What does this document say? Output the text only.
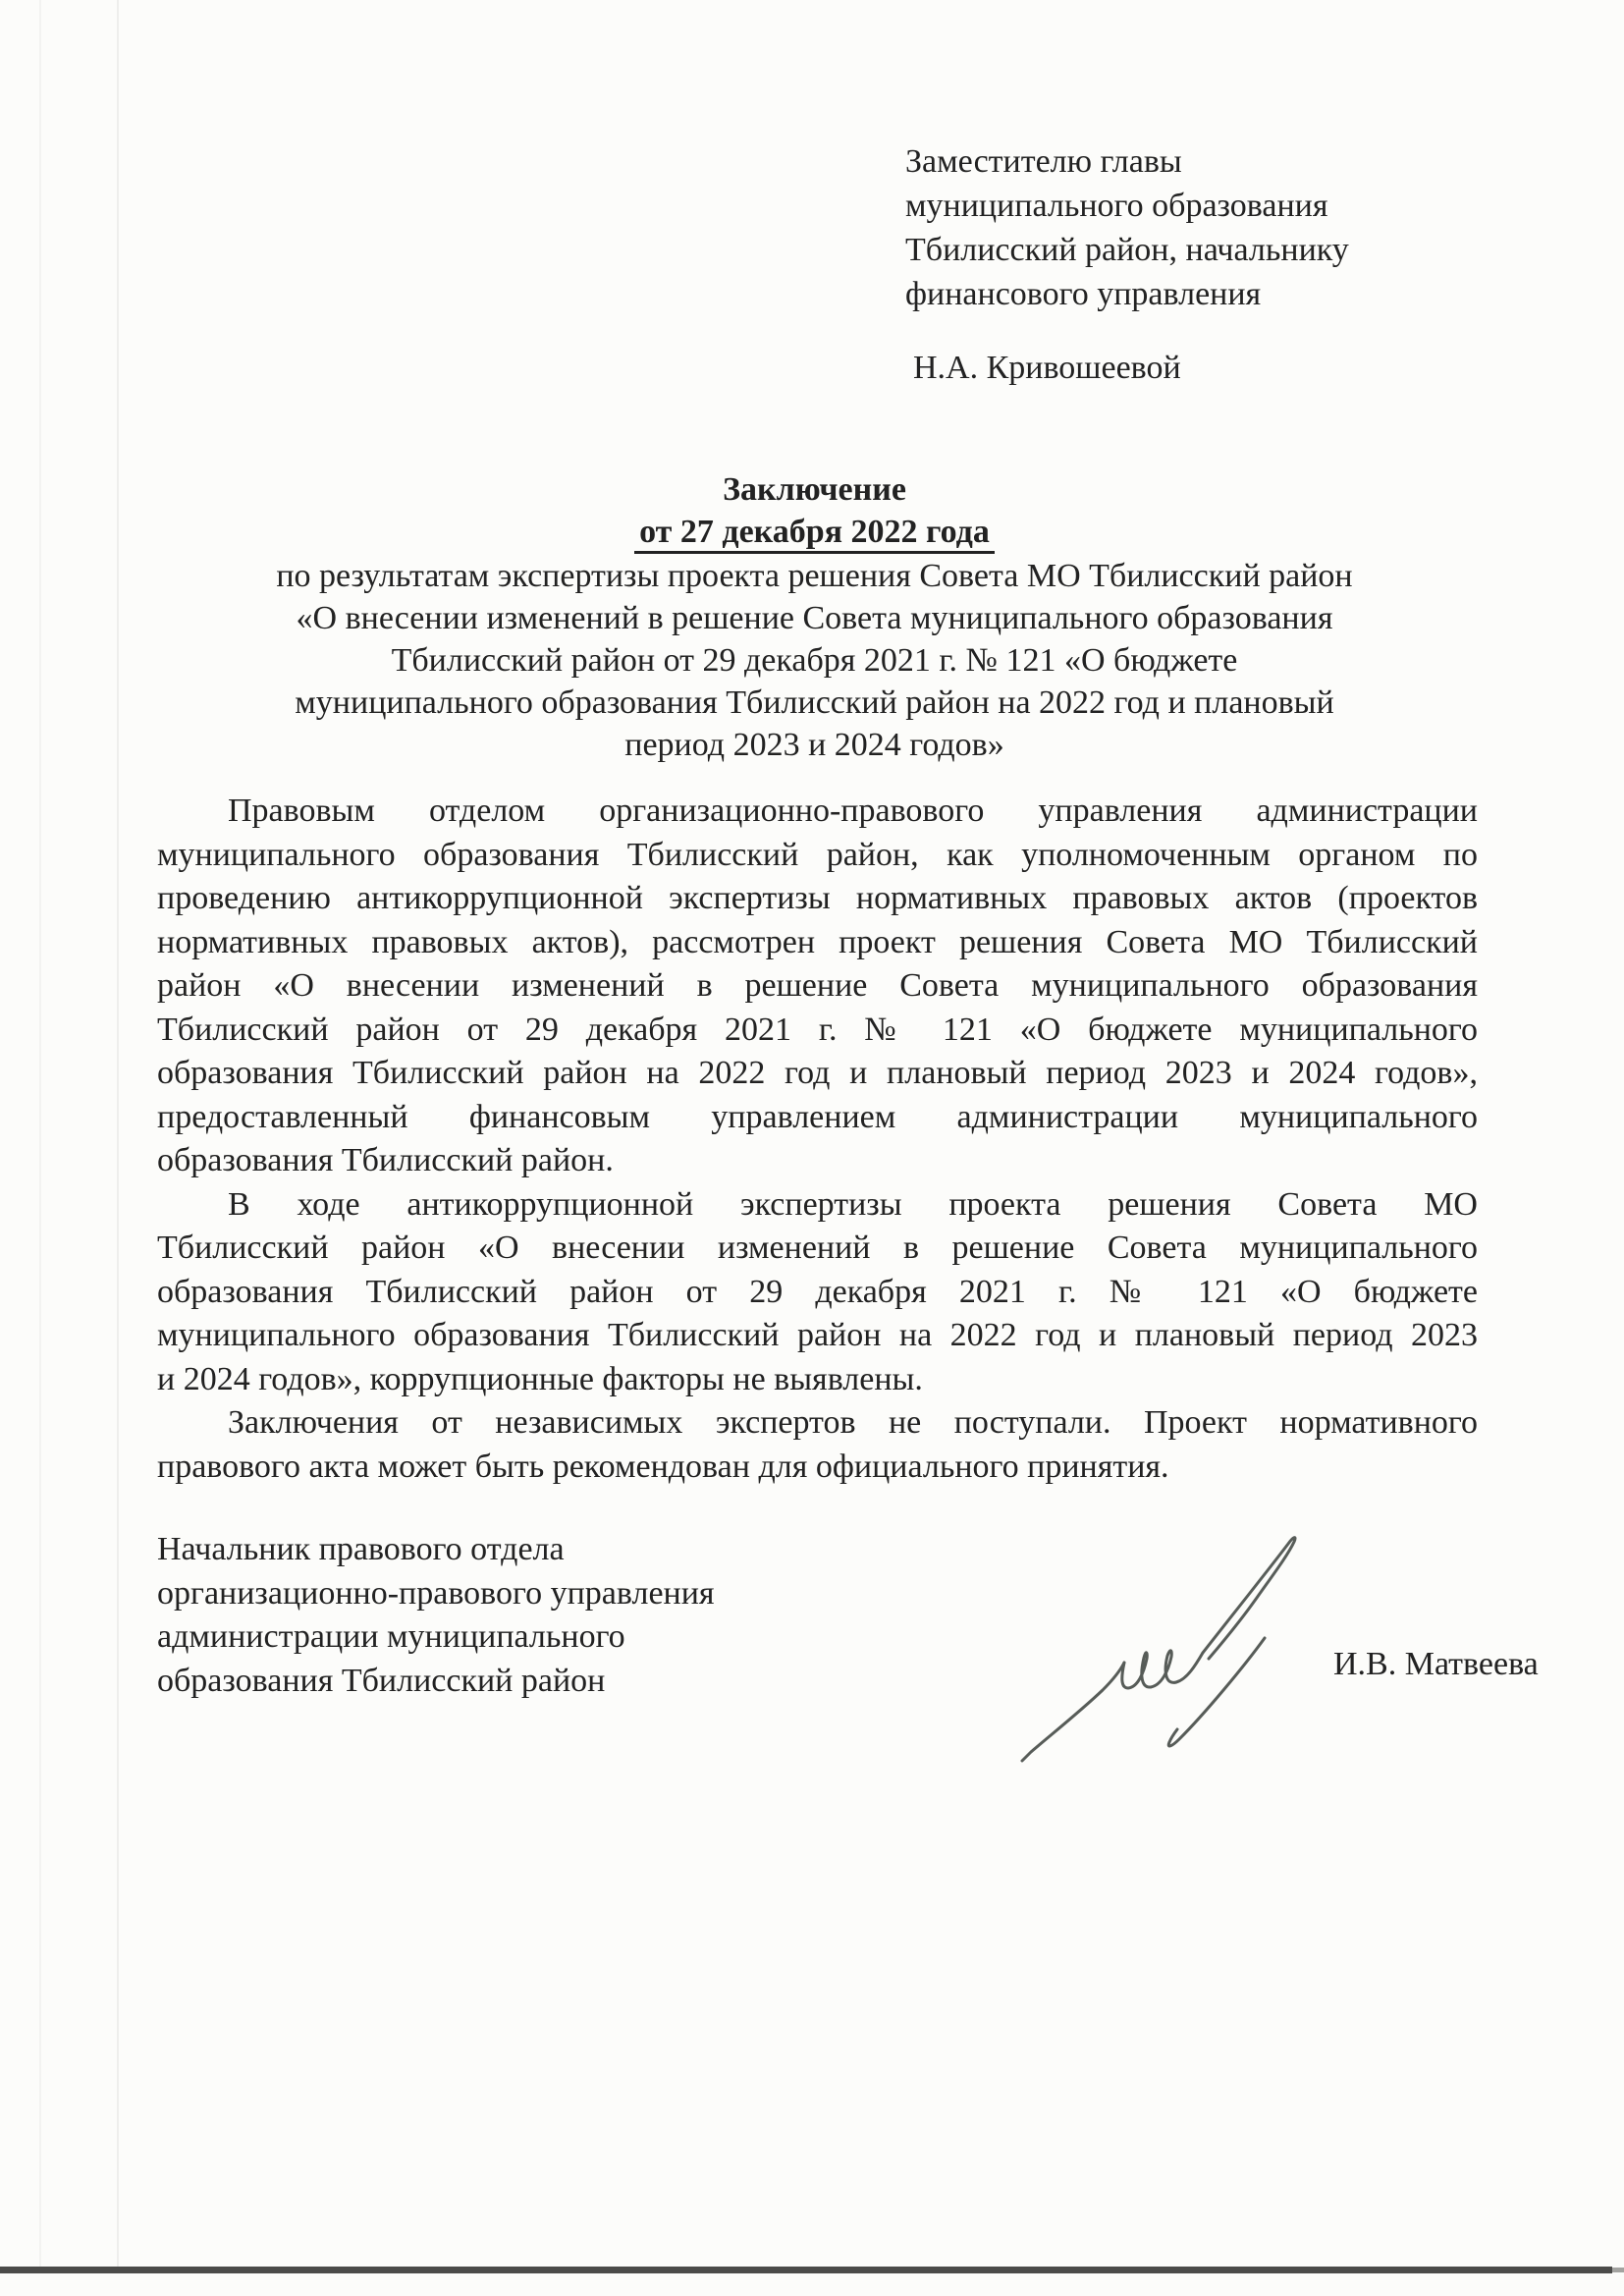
Заместителю главы
муниципального образования
Тбилисский район, начальнику
финансового управления
Н.А. Кривошеевой
Заключение
от 27 декабря 2022 года
по результатам экспертизы проекта решения Совета МО Тбилисский район
«О внесении изменений в решение Совета муниципального образования
Тбилисский район от 29 декабря 2021 г. № 121 «О бюджете
муниципального образования Тбилисский район на 2022 год и плановый
период 2023 и 2024 годов»
Правовым отделом организационно-правового управления администрации
муниципального образования Тбилисский район, как уполномоченным органом по
проведению антикоррупционной экспертизы нормативных правовых актов (проектов
нормативных правовых актов), рассмотрен проект решения Совета МО Тбилисский
район «О внесении изменений в решение Совета муниципального образования
Тбилисский район от 29 декабря 2021 г. № 121 «О бюджете муниципального
образования Тбилисский район на 2022 год и плановый период 2023 и 2024 годов»,
предоставленный финансовым управлением администрации муниципального
образования Тбилисский район.
В ходе антикоррупционной экспертизы проекта решения Совета МО
Тбилисский район «О внесении изменений в решение Совета муниципального
образования Тбилисский район от 29 декабря 2021 г. № 121 «О бюджете
муниципального образования Тбилисский район на 2022 год и плановый период 2023
и 2024 годов», коррупционные факторы не выявлены.
Заключения от независимых экспертов не поступали. Проект нормативного
правового акта может быть рекомендован для официального принятия.
Начальник правового отдела
организационно-правового управления
администрации муниципального
образования Тбилисский район	И.В. Матвеева
